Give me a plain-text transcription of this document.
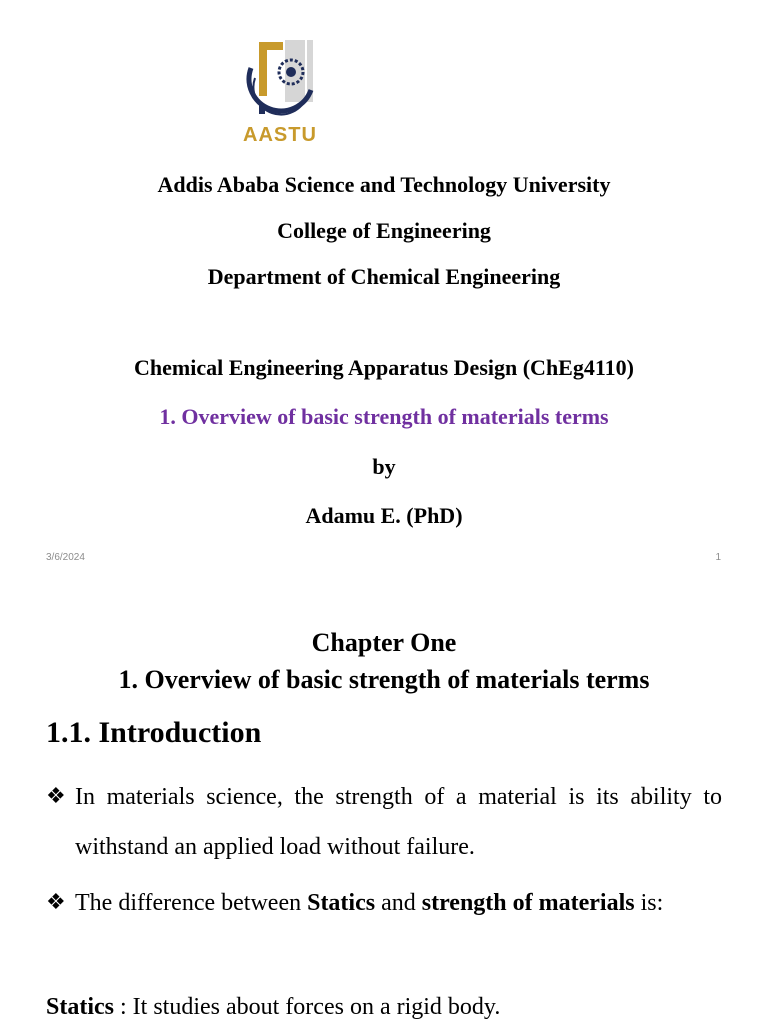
AASTU
Addis Ababa Science and Technology University
College of Engineering
Department of Chemical Engineering
Chemical Engineering Apparatus Design (ChEg4110)
1. Overview of basic strength of materials terms
by
Adamu E. (PhD)
3/6/2024	1
Chapter One
1. Overview of basic strength of materials terms
1.1. Introduction
❖ In materials science, the strength of a material is its ability to withstand an applied load without failure.
❖ The difference between Statics and strength of materials is:
Statics : It studies about forces on a rigid body.
